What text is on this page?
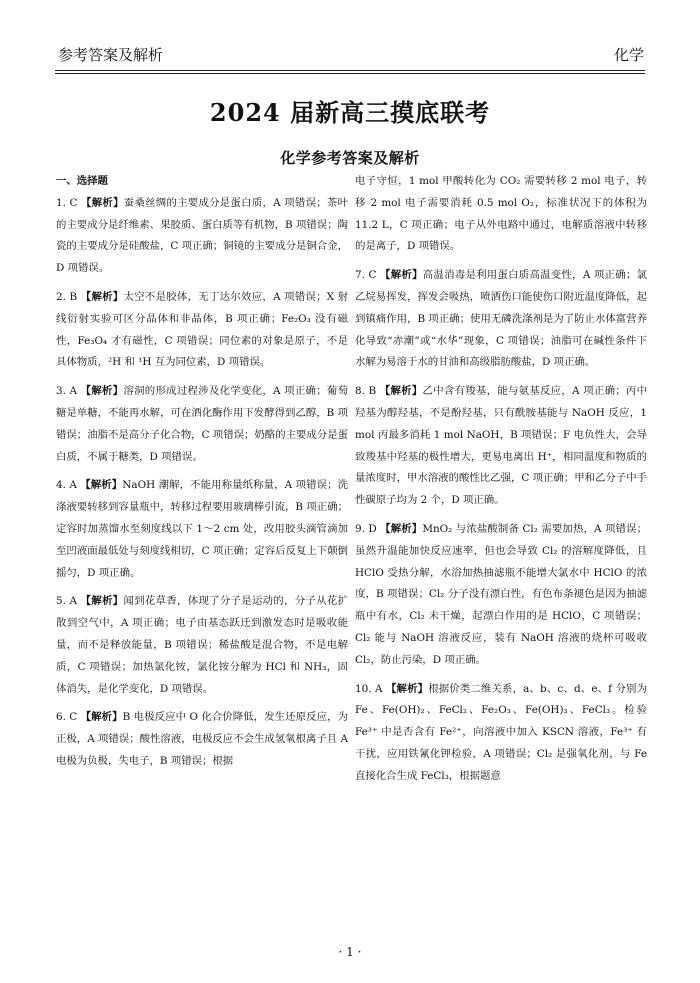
参考答案及解析	化学
2024 届新高三摸底联考
化学参考答案及解析
一、选择题
1. C 【解析】蚕桑丝绸的主要成分是蛋白质，A 项错误；茶叶的主要成分是纤维素、果胶质、蛋白质等有机物，B 项错误；陶瓷的主要成分是硅酸盐，C 项正确；铜镜的主要成分是铜合金，D 项错误。
2. B 【解析】太空不是胶体，无丁达尔效应，A 项错误；X 射线衍射实验可区分晶体和非晶体，B 项正确；Fe₂O₃ 没有磁性，Fe₃O₄ 才有磁性，C 项错误；同位素的对象是原子，不是具体物质，²H 和 ¹H 互为同位素，D 项错误。
3. A 【解析】溶洞的形成过程涉及化学变化，A 项正确；葡萄糖是单糖，不能再水解，可在酒化酶作用下发酵得到乙醇，B 项错误；油脂不是高分子化合物，C 项错误；奶酪的主要成分是蛋白质，不属于糖类，D 项错误。
4. A 【解析】NaOH 潮解，不能用称量纸称量，A 项错误；洗涤液要转移到容量瓶中，转移过程要用玻璃棒引流，B 项正确；定容时加蒸馏水至刻度线以下 1～2 cm 处，改用胶头滴管滴加至凹液面最低处与刻度线相切，C 项正确；定容后反复上下颠倒摇匀，D 项正确。
5. A 【解析】闻到花草香，体现了分子是运动的，分子从花扩散到空气中，A 项正确；电子由基态跃迁到激发态时是吸收能量，而不是释放能量，B 项错误；稀盐酸是混合物，不是电解质，C 项错误；加热氯化铵，氯化铵分解为 HCl 和 NH₃，固体消失，是化学变化，D 项错误。
6. C 【解析】B 电极反应中 O 化合价降低，发生还原反应，为正极，A 项错误；酸性溶液，电极反应不会生成氢氧根离子且 A 电极为负极，失电子，B 项错误；根据
电子守恒，1 mol 甲酸转化为 CO₂ 需要转移 2 mol 电子，转移 2 mol 电子需要消耗 0.5 mol O₂，标准状况下的体积为 11.2 L，C 项正确；电子从外电路中通过，电解质溶液中转移的是离子，D 项错误。
7. C 【解析】高温消毒是利用蛋白质高温变性，A 项正确；氯乙烷易挥发，挥发会吸热，喷洒伤口能使伤口附近温度降低，起到镇痛作用，B 项正确；使用无磷洗涤剂是为了防止水体富营养化导致“赤潮”或“水华”现象，C 项错误；油脂可在碱性条件下水解为易溶于水的甘油和高级脂肪酸盐，D 项正确。
8. B 【解析】乙中含有羧基，能与氨基反应，A 项正确；丙中羟基为醇羟基，不是酚羟基，只有酰胺基能与 NaOH 反应，1 mol 丙最多消耗 1 mol NaOH，B 项错误；F 电负性大，会导致羧基中羟基的极性增大，更易电离出 H⁺，相同温度和物质的量浓度时，甲水溶液的酸性比乙强，C 项正确；甲和乙分子中手性碳原子均为 2 个，D 项正确。
9. D 【解析】MnO₂ 与浓盐酸制备 Cl₂ 需要加热，A 项错误；虽然升温能加快反应速率，但也会导致 Cl₂ 的溶解度降低，且 HClO 受热分解，水浴加热抽滤瓶不能增大氯水中 HClO 的浓度，B 项错误；Cl₂ 分子没有漂白性，有色布条褪色是因为抽滤瓶中有水，Cl₂ 未干燥，起漂白作用的是 HClO，C 项错误；Cl₂ 能与 NaOH 溶液反应，装有 NaOH 溶液的烧杯可吸收 Cl₂，防止污染，D 项正确。
10. A 【解析】根据价类二维关系，a、b、c、d、e、f 分别为 Fe、Fe(OH)₂、FeCl₂、Fe₂O₃、Fe(OH)₃、FeCl₃。检验 Fe³⁺ 中是否含有 Fe²⁺，向溶液中加入 KSCN 溶液，Fe³⁺ 有干扰，应用铁氰化钾检验，A 项错误；Cl₂ 是强氧化剂，与 Fe 直接化合生成 FeCl₃，根据题意
· 1 ·
